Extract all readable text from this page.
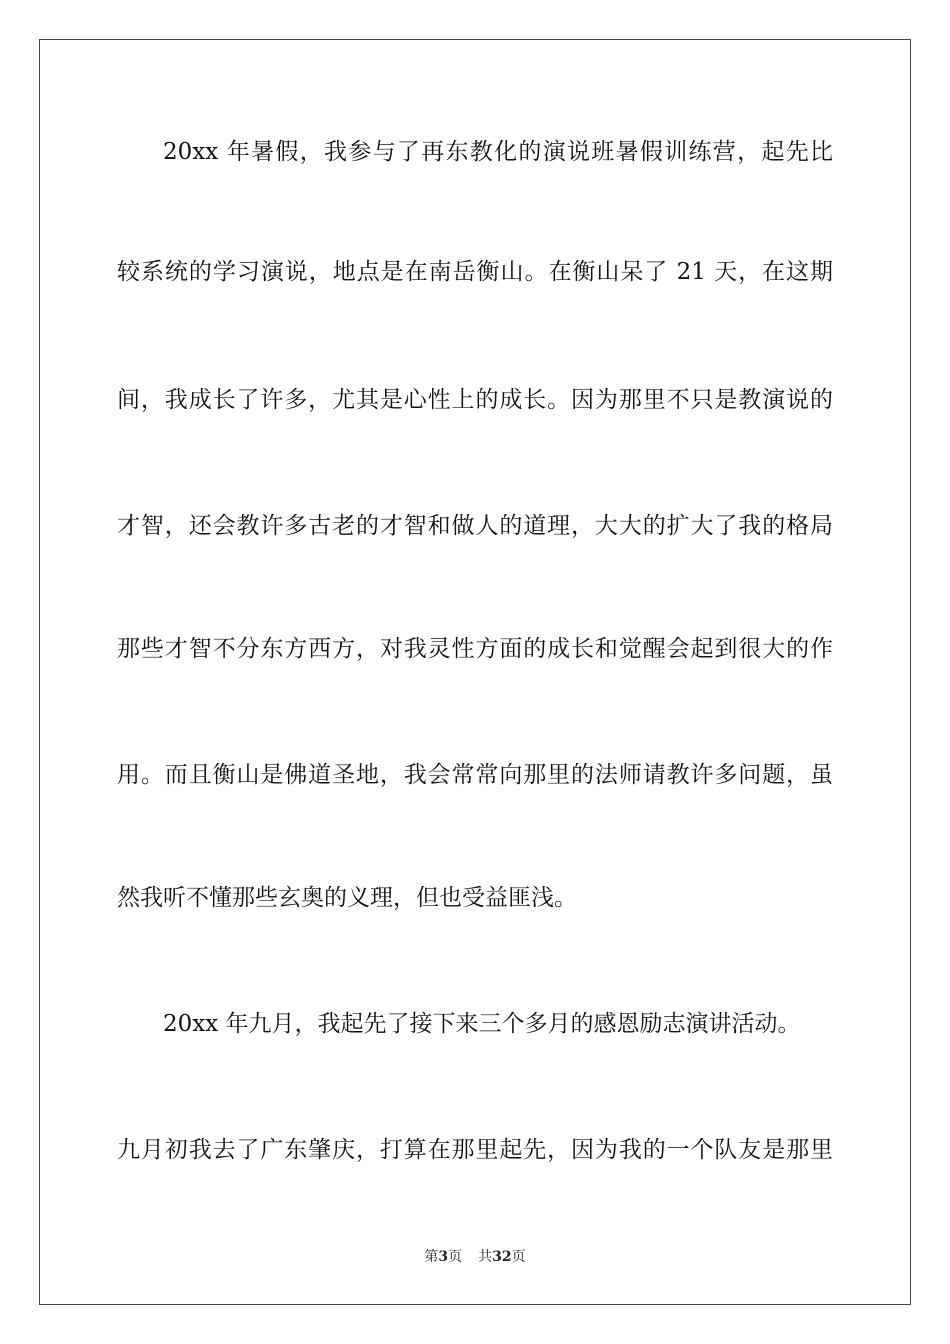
20xx 年暑假，我参与了再东教化的演说班暑假训练营，起先比
较系统的学习演说，地点是在南岳衡山。在衡山呆了 21 天，在这期
间，我成长了许多，尤其是心性上的成长。因为那里不只是教演说的
才智，还会教许多古老的才智和做人的道理，大大的扩大了我的格局
那些才智不分东方西方，对我灵性方面的成长和觉醒会起到很大的作
用。而且衡山是佛道圣地，我会常常向那里的法师请教许多问题，虽
然我听不懂那些玄奥的义理，但也受益匪浅。
20xx 年九月，我起先了接下来三个多月的感恩励志演讲活动。
九月初我去了广东肇庆，打算在那里起先，因为我的一个队友是那里
第3页 共32页
